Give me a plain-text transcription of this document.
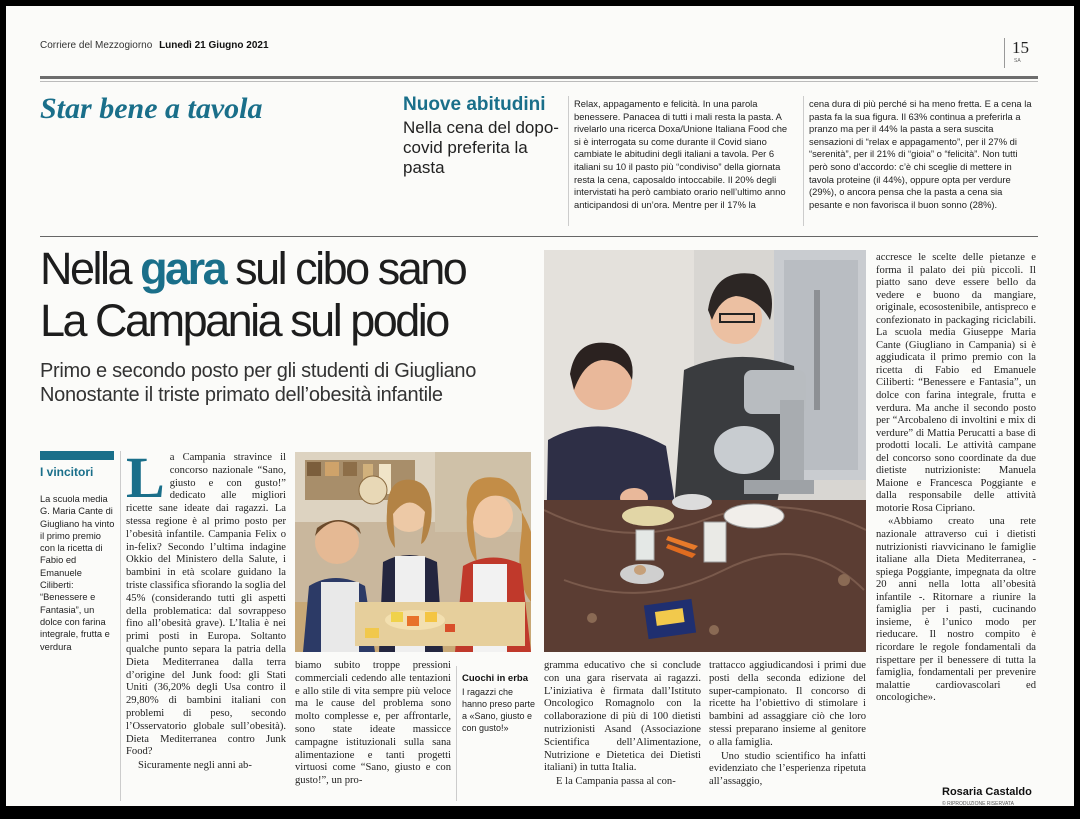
Corriere del Mezzogiorno Lunedì 21 Giugno 2021	15
SA
Star bene a tavola	Nuove abitudini
Nella cena del dopo-covid preferita la pasta
Relax, appagamento e felicità. In una parola benessere. Panacea di tutti i mali resta la pasta. A rivelarlo una ricerca Doxa/Unione Italiana Food che si è interrogata su come durante il Covid siano cambiate le abitudini degli italiani a tavola. Per 6 italiani su 10 il pasto più “condiviso” della giornata resta la cena, caposaldo intoccabile. Il 20% degli intervistati ha però cambiato orario nell’ultimo anno anticipandosi di un’ora. Mentre per il 17% la
cena dura di più perché si ha meno fretta. E a cena la pasta fa la sua figura. Il 63% continua a preferirla a pranzo ma per il 44% la pasta a sera suscita sensazioni di “relax e appagamento”, per il 27% di “serenità”, per il 21% di “gioia” o “felicità”. Non tutti però sono d’accordo: c’è chi sceglie di mettere in tavola proteine (il 44%), oppure opta per verdure (29%), o ancora pensa che la pasta a cena sia pesante e non favorisca il buon sonno (28%).
Nella gara sul cibo sano
La Campania sul podio
Primo e secondo posto per gli studenti di Giugliano
Nonostante il triste primato dell’obesità infantile
I vincitori
La scuola media G. Maria Cante di Giugliano ha vinto il primo premio con la ricetta di Fabio ed Emanuele Ciliberti: “Benessere e Fantasia”, un dolce con farina integrale, frutta e verdura
L a Campania stravince il concorso nazionale “Sano, giusto e con gusto!” dedicato alle migliori ricette sane ideate dai ragazzi. La stessa regione è al primo posto per l’obesità infantile. Campania Felix o in-felix? Secondo l’ultima indagine Okkio del Ministero della Salute, i bambini in età scolare guidano la triste classifica sfiorando la soglia del 45% (considerando tutti gli aspetti della problematica: dal sovrappeso fino all’obesità grave). L’Italia è nei primi posti in Europa. Soltanto qualche punto separa la patria della Dieta Mediterranea dalla terra d’origine del Junk food: gli Stati Uniti (36,20% degli Usa contro il 29,80% di bambini italiani con problemi di peso, secondo l’Osservatorio globale sull’obesità). Dieta Mediterranea contro Junk Food?

Sicuramente negli anni ab-

biamo subito troppe pressioni commerciali cedendo alle tentazioni e allo stile di vita sempre più veloce ma le cause del problema sono molto complesse e, per affrontarle, sono state ideate massicce campagne istituzionali sulla sana alimentazione e tanti progetti virtuosi come “Sano, giusto e con gusto!”, un pro-
Cuochi in erba
I ragazzi che hanno preso parte a «Sano, giusto e con gusto!»

gramma educativo che si conclude con una gara riservata ai ragazzi. L’iniziativa è firmata dall’Istituto Oncologico Romagnolo con la collaborazione di più di 100 dietisti nutrizionisti Asand (Associazione Scientifica dell’Alimentazione, Nutrizione e Dietetica dei Dietisti italiani) in tutta Italia.

E la Campania passa al con-

trattacco aggiudicandosi i primi due posti della seconda edizione del super-campionato. Il concorso di ricette ha l’obiettivo di stimolare i bambini ad assaggiare ciò che loro stessi preparano insieme al genitore o alla famiglia.

Uno studio scientifico ha infatti evidenziato che l’esperienza ripetuta all’assaggio,

accresce le scelte delle pietanze e forma il palato dei più piccoli. Il piatto sano deve essere bello da vedere e buono da mangiare, originale, ecosostenibile, antispreco e confezionato in packaging riciclabili. La scuola media Giuseppe Maria Cante (Giugliano in Campania) si è aggiudicata il primo premio con la ricetta di Fabio ed Emanuele Ciliberti: “Benessere e Fantasia”, un dolce con farina integrale, frutta e verdura. Ma anche il secondo posto per “Arcobaleno di involtini e mix di verdure” di Mattia Perucatti a base di prodotti locali. Le attività campane del concorso sono coordinate da due dietiste nutrizioniste: Manuela Maione e Francesca Poggiante e dalla responsabile delle attività motorie Rosa Cipriano.

«Abbiamo creato una rete nazionale attraverso cui i dietisti nutrizionisti riavvicinano le famiglie italiane alla Dieta Mediterranea, - spiega Poggiante, impegnata da oltre 20 anni nella lotta all’obesità infantile -. Ritornare a riunire la famiglia per i pasti, cucinando insieme, è l’unico modo per rieducare. Il nostro compito è ricordare le regole fondamentali da rispettare per il benessere di tutta la famiglia, fondamentali per prevenire malattie cardiovascolari ed oncologiche».

Rosaria Castaldo
© RIPRODUZIONE RISERVATA
